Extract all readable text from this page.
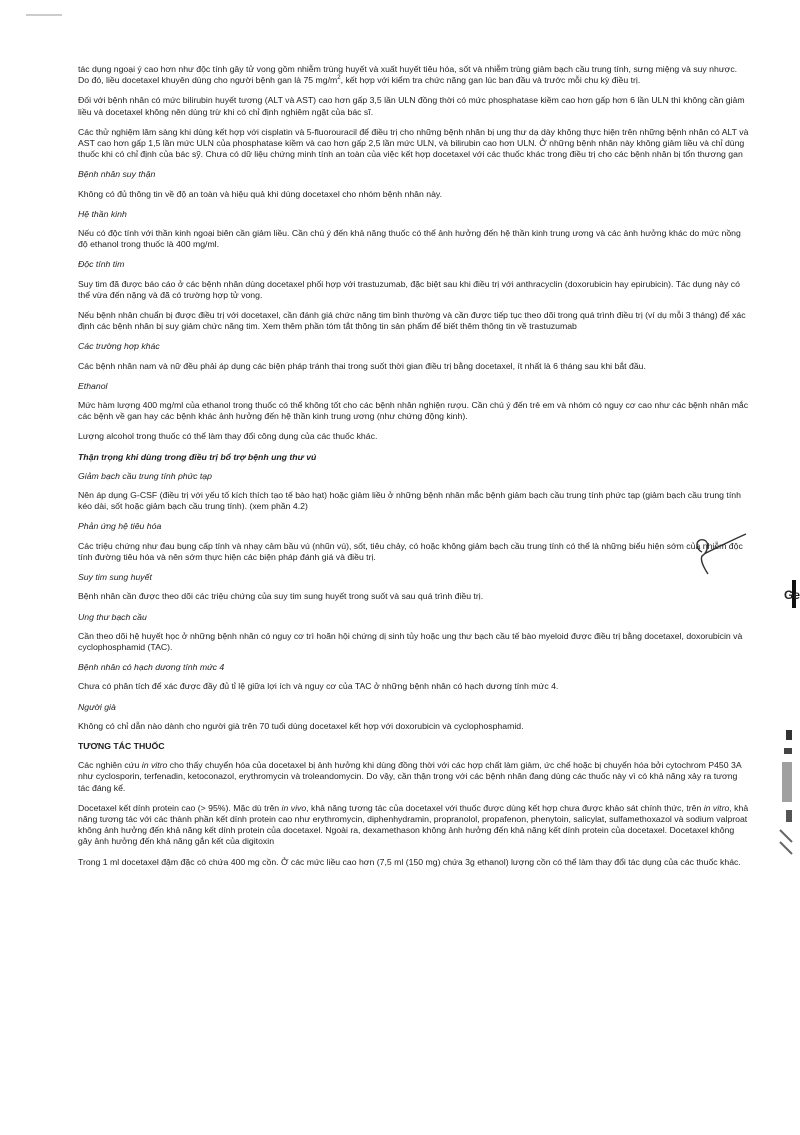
tác dụng ngoại ý cao hơn như độc tính gây tử vong gồm nhiễm trùng huyết và xuất huyết tiêu hóa, sốt và nhiễm trùng giảm bạch cầu trung tính, sưng miệng và suy nhược. Do đó, liều docetaxel khuyên dùng cho người bệnh gan là 75 $mg/m^2$, kết hợp với kiểm tra chức năng gan lúc ban đầu và trước mỗi chu kỳ điều trị.

Đối với bệnh nhân có mức bilirubin huyết tương (ALT và AST) cao hơn gấp 3,5 lần ULN đồng thời có mức phosphatase kiềm cao hơn gấp hơn 6 lần ULN thì không cần giảm liều và docetaxel không nên dùng trừ khi có chỉ định nghiêm ngặt của bác sĩ.

Các thử nghiệm lâm sàng khi dùng kết hợp với cisplatin và 5-fluorouracil để điều trị cho những bệnh nhân bị ung thư dạ dày không thực hiện trên những bệnh nhân có ALT và AST cao hơn gấp 1,5 lần mức ULN của phosphatase kiềm và cao hơn gấp 2,5 lần mức ULN, và bilirubin cao hơn ULN. Ở những bệnh nhân này không giảm liều và chỉ dùng thuốc khi có chỉ định của bác sỹ. Chưa có dữ liệu chứng minh tính an toàn của việc kết hợp docetaxel với các thuốc khác trong điều trị cho các bệnh nhân bị tổn thương gan

Bệnh nhân suy thận

Không có đủ thông tin về độ an toàn và hiệu quả khi dùng docetaxel cho nhóm bệnh nhân này.

Hệ thần kinh

Nếu có độc tính với thần kinh ngoại biên cần giảm liều. Cần chú ý đến khả năng thuốc có thể ảnh hưởng đến hệ thần kinh trung ương và các ảnh hưởng khác do mức nồng độ ethanol trong thuốc là 400 mg/ml.

Độc tính tim

Suy tim đã được báo cáo ở các bệnh nhân dùng docetaxel phối hợp với trastuzumab, đặc biệt sau khi điều trị với anthracyclin (doxorubicin hay epirubicin). Tác dụng này có thể vừa đến nặng và đã có trường hợp tử vong.

Nếu bệnh nhân chuẩn bị được điều trị với docetaxel, cần đánh giá chức năng tim bình thường và cần được tiếp tục theo dõi trong quá trình điều trị (ví dụ mỗi 3 tháng) để xác định các bệnh nhân bị suy giảm chức năng tim. Xem thêm phần tóm tắt thông tin sản phẩm để biết thêm thông tin về trastuzumab

Các trường hợp khác

Các bệnh nhân nam và nữ đều phải áp dụng các biện pháp tránh thai trong suốt thời gian điều trị bằng docetaxel, ít nhất là 6 tháng sau khi bắt đầu.

Ethanol

Mức hàm lượng 400 mg/ml của ethanol trong thuốc có thể không tốt cho các bệnh nhân nghiện rượu. Cần chú ý đến trẻ em và nhóm có nguy cơ cao như các bệnh nhân mắc các bệnh về gan hay các bệnh khác ảnh hưởng đến hệ thần kinh trung ương (như chứng động kinh).

Lượng alcohol trong thuốc có thể làm thay đổi công dụng của các thuốc khác.

Thận trọng khi dùng trong điều trị bổ trợ bệnh ung thư vú

Giảm bạch cầu trung tính phức tạp

Nên áp dụng G-CSF (điều trị với yếu tố kích thích tạo tế bào hạt) hoặc giảm liều ở những bệnh nhân mắc bệnh giảm bạch cầu trung tính phức tạp (giảm bạch cầu trung tính kéo dài, sốt hoặc giảm bạch cầu trung tính). (xem phần 4.2)

Phản ứng hệ tiêu hóa

Các triệu chứng như đau bụng cấp tính và nhạy cảm bầu vú (nhũn vú), sốt, tiêu chảy, có hoặc không giảm bạch cầu trung tính có thể là những biểu hiện sớm của nhiễm độc tính đường tiêu hóa và nên sớm thực hiện các biện pháp đánh giá và điều trị.

Suy tim sung huyết

Bệnh nhân cần được theo dõi các triệu chứng của suy tim sung huyết trong suốt và sau quá trình điều trị.

Ung thư bạch cầu

Cần theo dõi hệ huyết học ở những bệnh nhân có nguy cơ trì hoãn hội chứng dị sinh tủy hoặc ung thư bạch cầu tế bào myeloid được điều trị bằng docetaxel, doxorubicin và cyclophosphamid (TAC).

Bệnh nhân có hạch dương tính mức 4

Chưa có phân tích để xác được đầy đủ tỉ lệ giữa lợi ích và nguy cơ của TAC ở những bệnh nhân có hạch dương tính mức 4.

Người già

Không có chỉ dẫn nào dành cho người già trên 70 tuổi dùng docetaxel kết hợp với doxorubicin và cyclophosphamid.

TƯƠNG TÁC THUỐC

Các nghiên cứu in vitro cho thấy chuyển hóa của docetaxel bị ảnh hưởng khi dùng đồng thời với các hợp chất làm giảm, ức chế hoặc bị chuyển hóa bởi cytochrom P450 3A như cyclosporin, terfenadin, ketoconazol, erythromycin và troleandomycin. Do vậy, cần thận trọng với các bệnh nhân đang dùng các thuốc này vì có khả năng xảy ra tương tác đáng kể.

Docetaxel kết dính protein cao (> 95%). Mặc dù trên in vivo, khả năng tương tác của docetaxel với thuốc được dùng kết hợp chưa được khảo sát chính thức, trên in vitro, khả năng tương tác với các thành phần kết dính protein cao như erythromycin, diphenhydramin, propranolol, propafenon, phenytoin, salicylat, sulfamethoxazol và sodium valproat không ảnh hưởng đến khả năng kết dính protein của docetaxel. Ngoài ra, dexamethason không ảnh hưởng đến khả năng kết dính protein của docetaxel. Docetaxel không gây ảnh hưởng đến khả năng gắn kết của digitoxin

Trong 1 ml docetaxel đậm đặc có chứa 400 mg cồn. Ở các mức liều cao hơn (7,5 ml (150 mg) chứa 3g ethanol) lượng cồn có thể làm thay đổi tác dụng của các thuốc khác.

Ge
